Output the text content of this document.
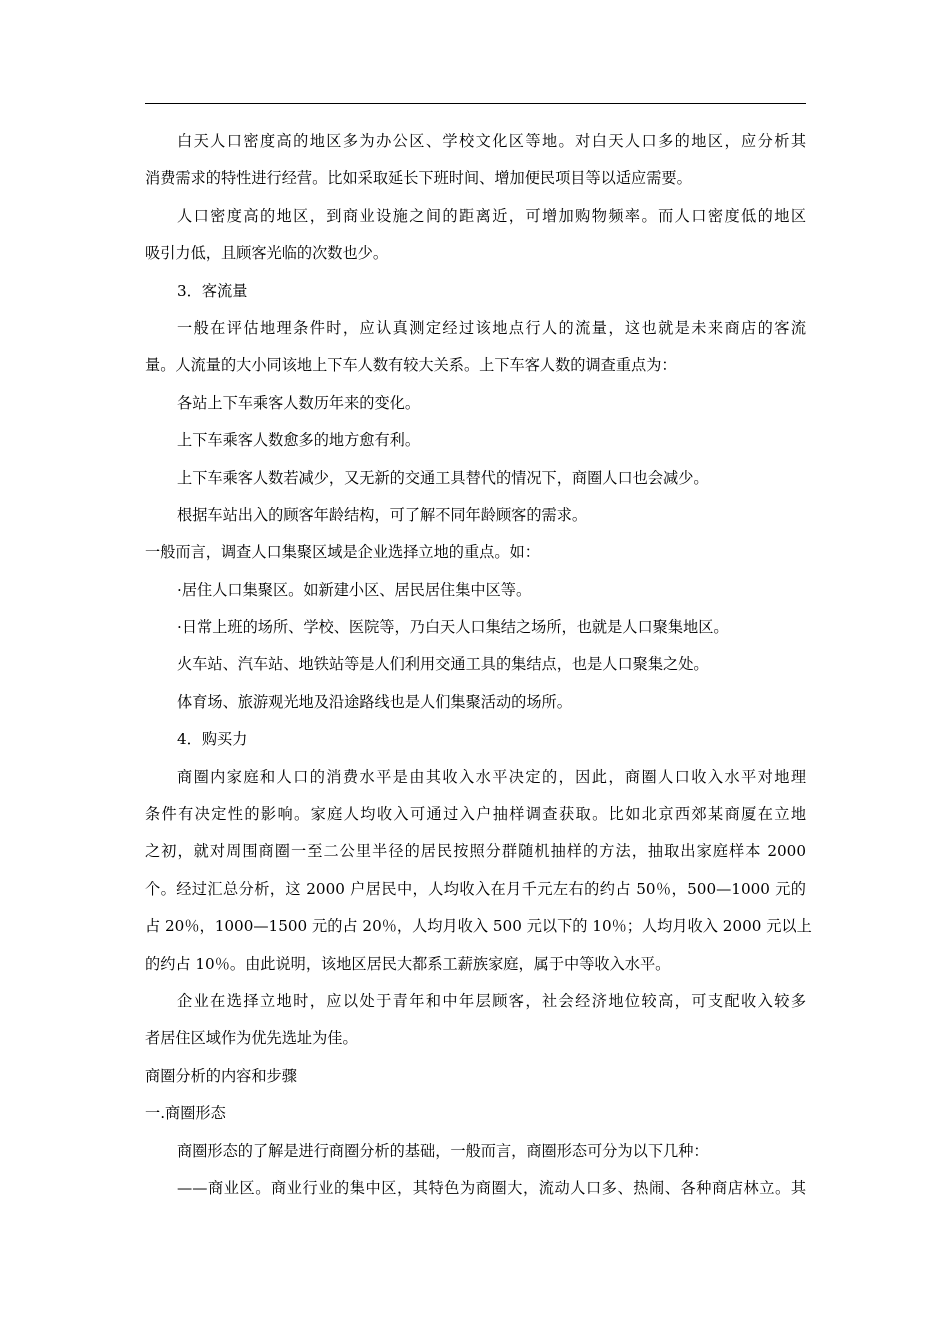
白天人口密度高的地区多为办公区、学校文化区等地。对白天人口多的地区，应分析其
消费需求的特性进行经营。比如采取延长下班时间、增加便民项目等以适应需要。
人口密度高的地区，到商业设施之间的距离近，可增加购物频率。而人口密度低的地区
吸引力低，且顾客光临的次数也少。
3．客流量
一般在评估地理条件时，应认真测定经过该地点行人的流量，这也就是未来商店的客流
量。人流量的大小同该地上下车人数有较大关系。上下车客人数的调查重点为：
各站上下车乘客人数历年来的变化。
上下车乘客人数愈多的地方愈有利。
上下车乘客人数若减少，又无新的交通工具替代的情况下，商圈人口也会减少。
根据车站出入的顾客年龄结构，可了解不同年龄顾客的需求。
一般而言，调查人口集聚区域是企业选择立地的重点。如：
·居住人口集聚区。如新建小区、居民居住集中区等。
·日常上班的场所、学校、医院等，乃白天人口集结之场所，也就是人口聚集地区。
火车站、汽车站、地铁站等是人们利用交通工具的集结点，也是人口聚集之处。
体育场、旅游观光地及沿途路线也是人们集聚活动的场所。
4．购买力
商圈内家庭和人口的消费水平是由其收入水平决定的，因此，商圈人口收入水平对地理
条件有决定性的影响。家庭人均收入可通过入户抽样调查获取。比如北京西郊某商厦在立地
之初，就对周围商圈一至二公里半径的居民按照分群随机抽样的方法，抽取出家庭样本 2000
个。经过汇总分析，这 2000 户居民中，人均收入在月千元左右的约占 50％，500—1000 元的
占 20％，1000—1500 元的占 20％，人均月收入 500 元以下的 10％；人均月收入 2000 元以上
的约占 10％。由此说明，该地区居民大都系工薪族家庭，属于中等收入水平。
企业在选择立地时，应以处于青年和中年层顾客，社会经济地位较高，可支配收入较多
者居住区域作为优先选址为佳。
商圈分析的内容和步骤
一.商圈形态
商圈形态的了解是进行商圈分析的基础，一般而言，商圈形态可分为以下几种：
——商业区。商业行业的集中区，其特色为商圈大，流动人口多、热闹、各种商店林立。其
